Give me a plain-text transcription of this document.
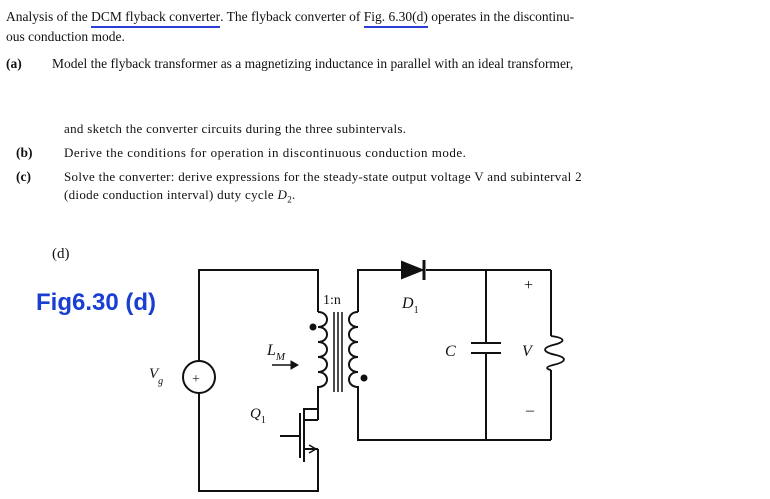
Analysis of the DCM flyback converter. The flyback converter of Fig. 6.30(d) operates in the discontinu-
ous conduction mode.
(a) Model the flyback transformer as a magnetizing inductance in parallel with an ideal transformer,
and sketch the converter circuits during the three subintervals.
(b) Derive the conditions for operation in discontinuous conduction mode.
(c)	Solve the converter: derive expressions for the steady-state output voltage V and subinterval 2
(diode conduction interval) duty cycle $D_2$.
(d)
Fig6.30 (d)
+
$V_g$
$L_M$
1:n
$Q_1$
$D_1$
C
+
V
–
